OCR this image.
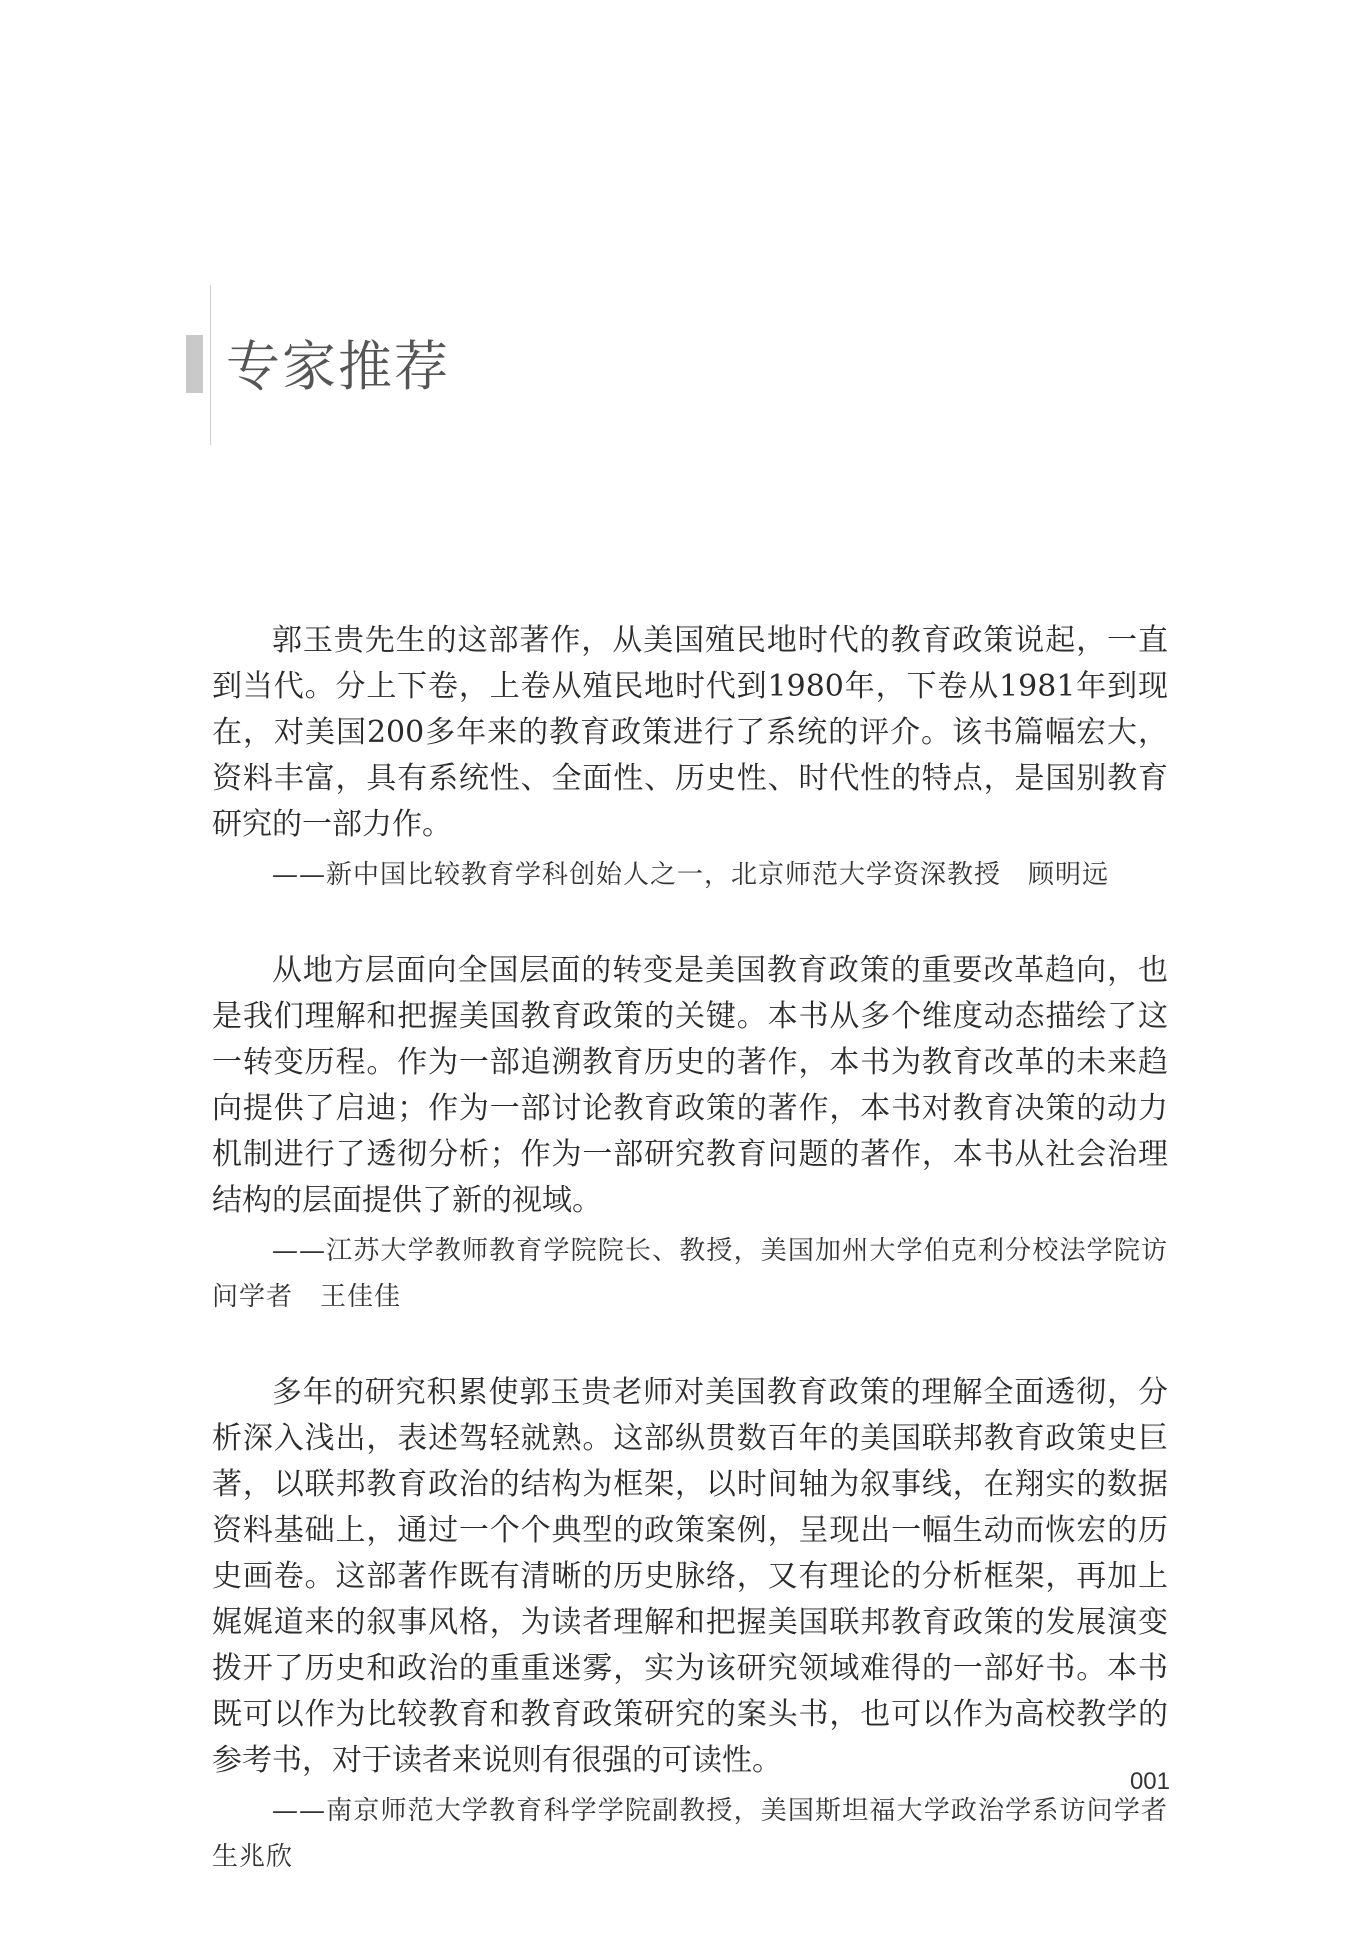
专家推荐

郭玉贵先生的这部著作，从美国殖民地时代的教育政策说起，一直到当代。分上下卷，上卷从殖民地时代到1980年，下卷从1981年到现在，对美国200多年来的教育政策进行了系统的评介。该书篇幅宏大，资料丰富，具有系统性、全面性、历史性、时代性的特点，是国别教育研究的一部力作。

——新中国比较教育学科创始人之一，北京师范大学资深教授　顾明远

从地方层面向全国层面的转变是美国教育政策的重要改革趋向，也是我们理解和把握美国教育政策的关键。本书从多个维度动态描绘了这一转变历程。作为一部追溯教育历史的著作，本书为教育改革的未来趋向提供了启迪；作为一部讨论教育政策的著作，本书对教育决策的动力机制进行了透彻分析；作为一部研究教育问题的著作，本书从社会治理结构的层面提供了新的视域。

——江苏大学教师教育学院院长、教授，美国加州大学伯克利分校法学院访问学者　王佳佳

多年的研究积累使郭玉贵老师对美国教育政策的理解全面透彻，分析深入浅出，表述驾轻就熟。这部纵贯数百年的美国联邦教育政策史巨著，以联邦教育政治的结构为框架，以时间轴为叙事线，在翔实的数据资料基础上，通过一个个典型的政策案例，呈现出一幅生动而恢宏的历史画卷。这部著作既有清晰的历史脉络，又有理论的分析框架，再加上娓娓道来的叙事风格，为读者理解和把握美国联邦教育政策的发展演变拨开了历史和政治的重重迷雾，实为该研究领域难得的一部好书。本书既可以作为比较教育和教育政策研究的案头书，也可以作为高校教学的参考书，对于读者来说则有很强的可读性。

——南京师范大学教育科学学院副教授，美国斯坦福大学政治学系访问学者　生兆欣

001
